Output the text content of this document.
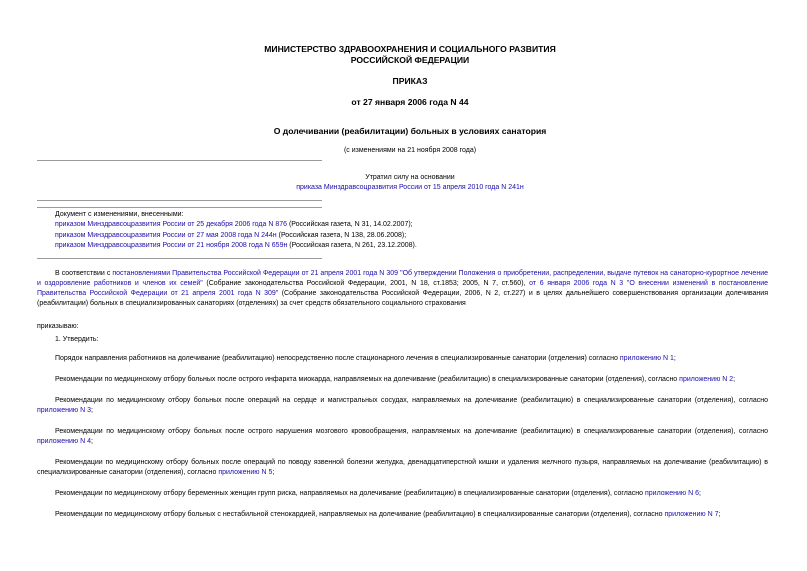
МИНИСТЕРСТВО ЗДРАВООХРАНЕНИЯ И СОЦИАЛЬНОГО РАЗВИТИЯ
РОССИЙСКОЙ ФЕДЕРАЦИИ
ПРИКАЗ
от 27 января 2006 года N 44
О долечивании (реабилитации) больных в условиях санатория
(с изменениями на 21 ноября 2008 года)
Утратил силу на основании
приказа Минздравсоцразвития России от 15 апреля 2010 года N 241н
Документ с изменениями, внесенными:
приказом Минздравсоцразвития России от 25 декабря 2006 года N 876 (Российская газета, N 31, 14.02.2007);
приказом Минздравсоцразвития России от 27 мая 2008 года N 244н (Российская газета, N 138, 28.06.2008);
приказом Минздравсоцразвития России от 21 ноября 2008 года N 659н (Российская газета, N 261, 23.12.2008).
В соответствии с постановлениями Правительства Российской Федерации от 21 апреля 2001 года N 309 "Об утверждении Положения о приобретении, распределении, выдаче путевок на санаторно-курортное лечение и оздоровление работников и членов их семей" (Собрание законодательства Российской Федерации, 2001, N 18, ст.1853; 2005, N 7, ст.560), от 6 января 2006 года N 3 "О внесении изменений в постановление Правительства Российской Федерации от 21 апреля 2001 года N 309" (Собрание законодательства Российской Федерации, 2006, N 2, ст.227) и в целях дальнейшего совершенствования организации долечивания (реабилитации) больных в специализированных санаториях (отделениях) за счет средств обязательного социального страхования
приказываю:
1. Утвердить:
Порядок направления работников на долечивание (реабилитацию) непосредственно после стационарного лечения в специализированные санатории (отделения) согласно приложению N 1;
Рекомендации по медицинскому отбору больных после острого инфаркта миокарда, направляемых на долечивание (реабилитацию) в специализированные санатории (отделения), согласно приложению N 2;
Рекомендации по медицинскому отбору больных после операций на сердце и магистральных сосудах, направляемых на долечивание (реабилитацию) в специализированные санатории (отделения), согласно приложению N 3;
Рекомендации по медицинскому отбору больных после острого нарушения мозгового кровообращения, направляемых на долечивание (реабилитацию) в специализированные санатории (отделения), согласно приложению N 4;
Рекомендации по медицинскому отбору больных после операций по поводу язвенной болезни желудка, двенадцатиперстной кишки и удаления желчного пузыря, направляемых на долечивание (реабилитацию) в специализированные санатории (отделения), согласно приложению N 5;
Рекомендации по медицинскому отбору беременных женщин групп риска, направляемых на долечивание (реабилитацию) в специализированные санатории (отделения), согласно приложению N 6;
Рекомендации по медицинскому отбору больных с нестабильной стенокардией, направляемых на долечивание (реабилитацию) в специализированные санатории (отделения), согласно приложению N 7;
